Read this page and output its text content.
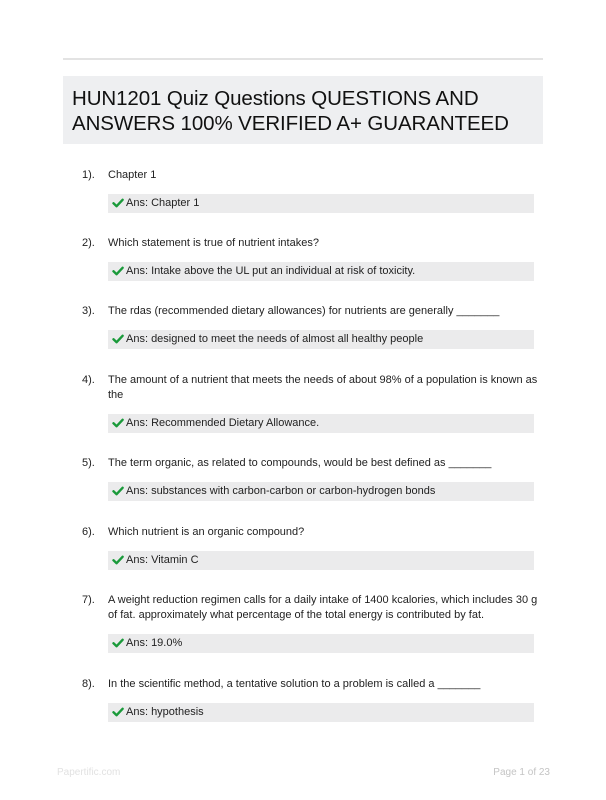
HUN1201 Quiz Questions QUESTIONS AND ANSWERS 100% VERIFIED A+ GUARANTEED
1). Chapter 1
Ans: Chapter 1
2). Which statement is true of nutrient intakes?
Ans: Intake above the UL put an individual at risk of toxicity.
3). The rdas (recommended dietary allowances) for nutrients are generally _______
Ans: designed to meet the needs of almost all healthy people
4). The amount of a nutrient that meets the needs of about 98% of a population is known as the
Ans: Recommended Dietary Allowance.
5). The term organic, as related to compounds, would be best defined as _______
Ans: substances with carbon-carbon or carbon-hydrogen bonds
6). Which nutrient is an organic compound?
Ans: Vitamin C
7). A weight reduction regimen calls for a daily intake of 1400 kcalories, which includes 30 g of fat. approximately what percentage of the total energy is contributed by fat.
Ans: 19.0%
8). In the scientific method, a tentative solution to a problem is called a _______
Ans: hypothesis
Papertific.com	Page 1 of 23
